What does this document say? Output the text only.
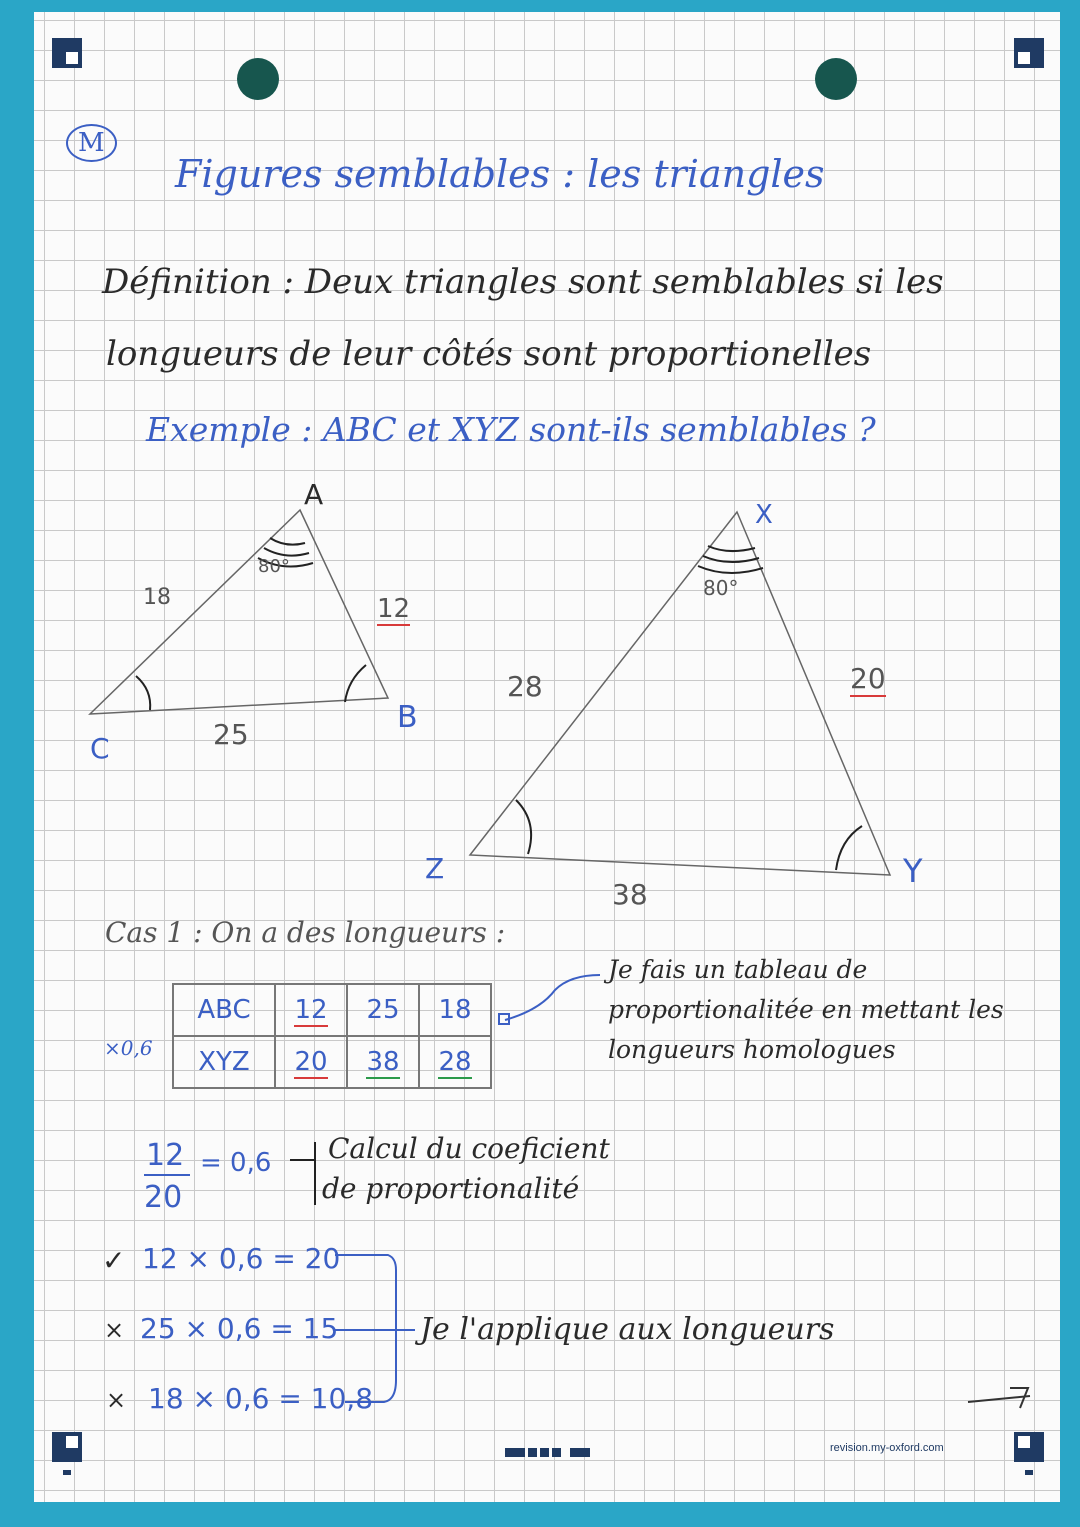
M
Figures semblables : les triangles
Définition : Deux triangles sont semblables si les
longueurs de leur côtés sont proportionelles
Exemple : ABC et XYZ sont-ils semblables ?
A
B
C
80°
18	12
25
X
Y
Z
80°
28	20
38
Cas 1 : On a des longueurs :
×0,6
ABC	12	25	18
XYZ	20	38	28
Je fais un tableau de proportionalitée en mettant les longueurs homologues
12
20
= 0,6 Calcul du coeficient
de proportionalité
✓ 12 × 0,6 = 20
× 25 × 0,6 = 15
× 18 × 0,6 = 10,8
Je l'applique aux longueurs
revision.my-oxford.com
